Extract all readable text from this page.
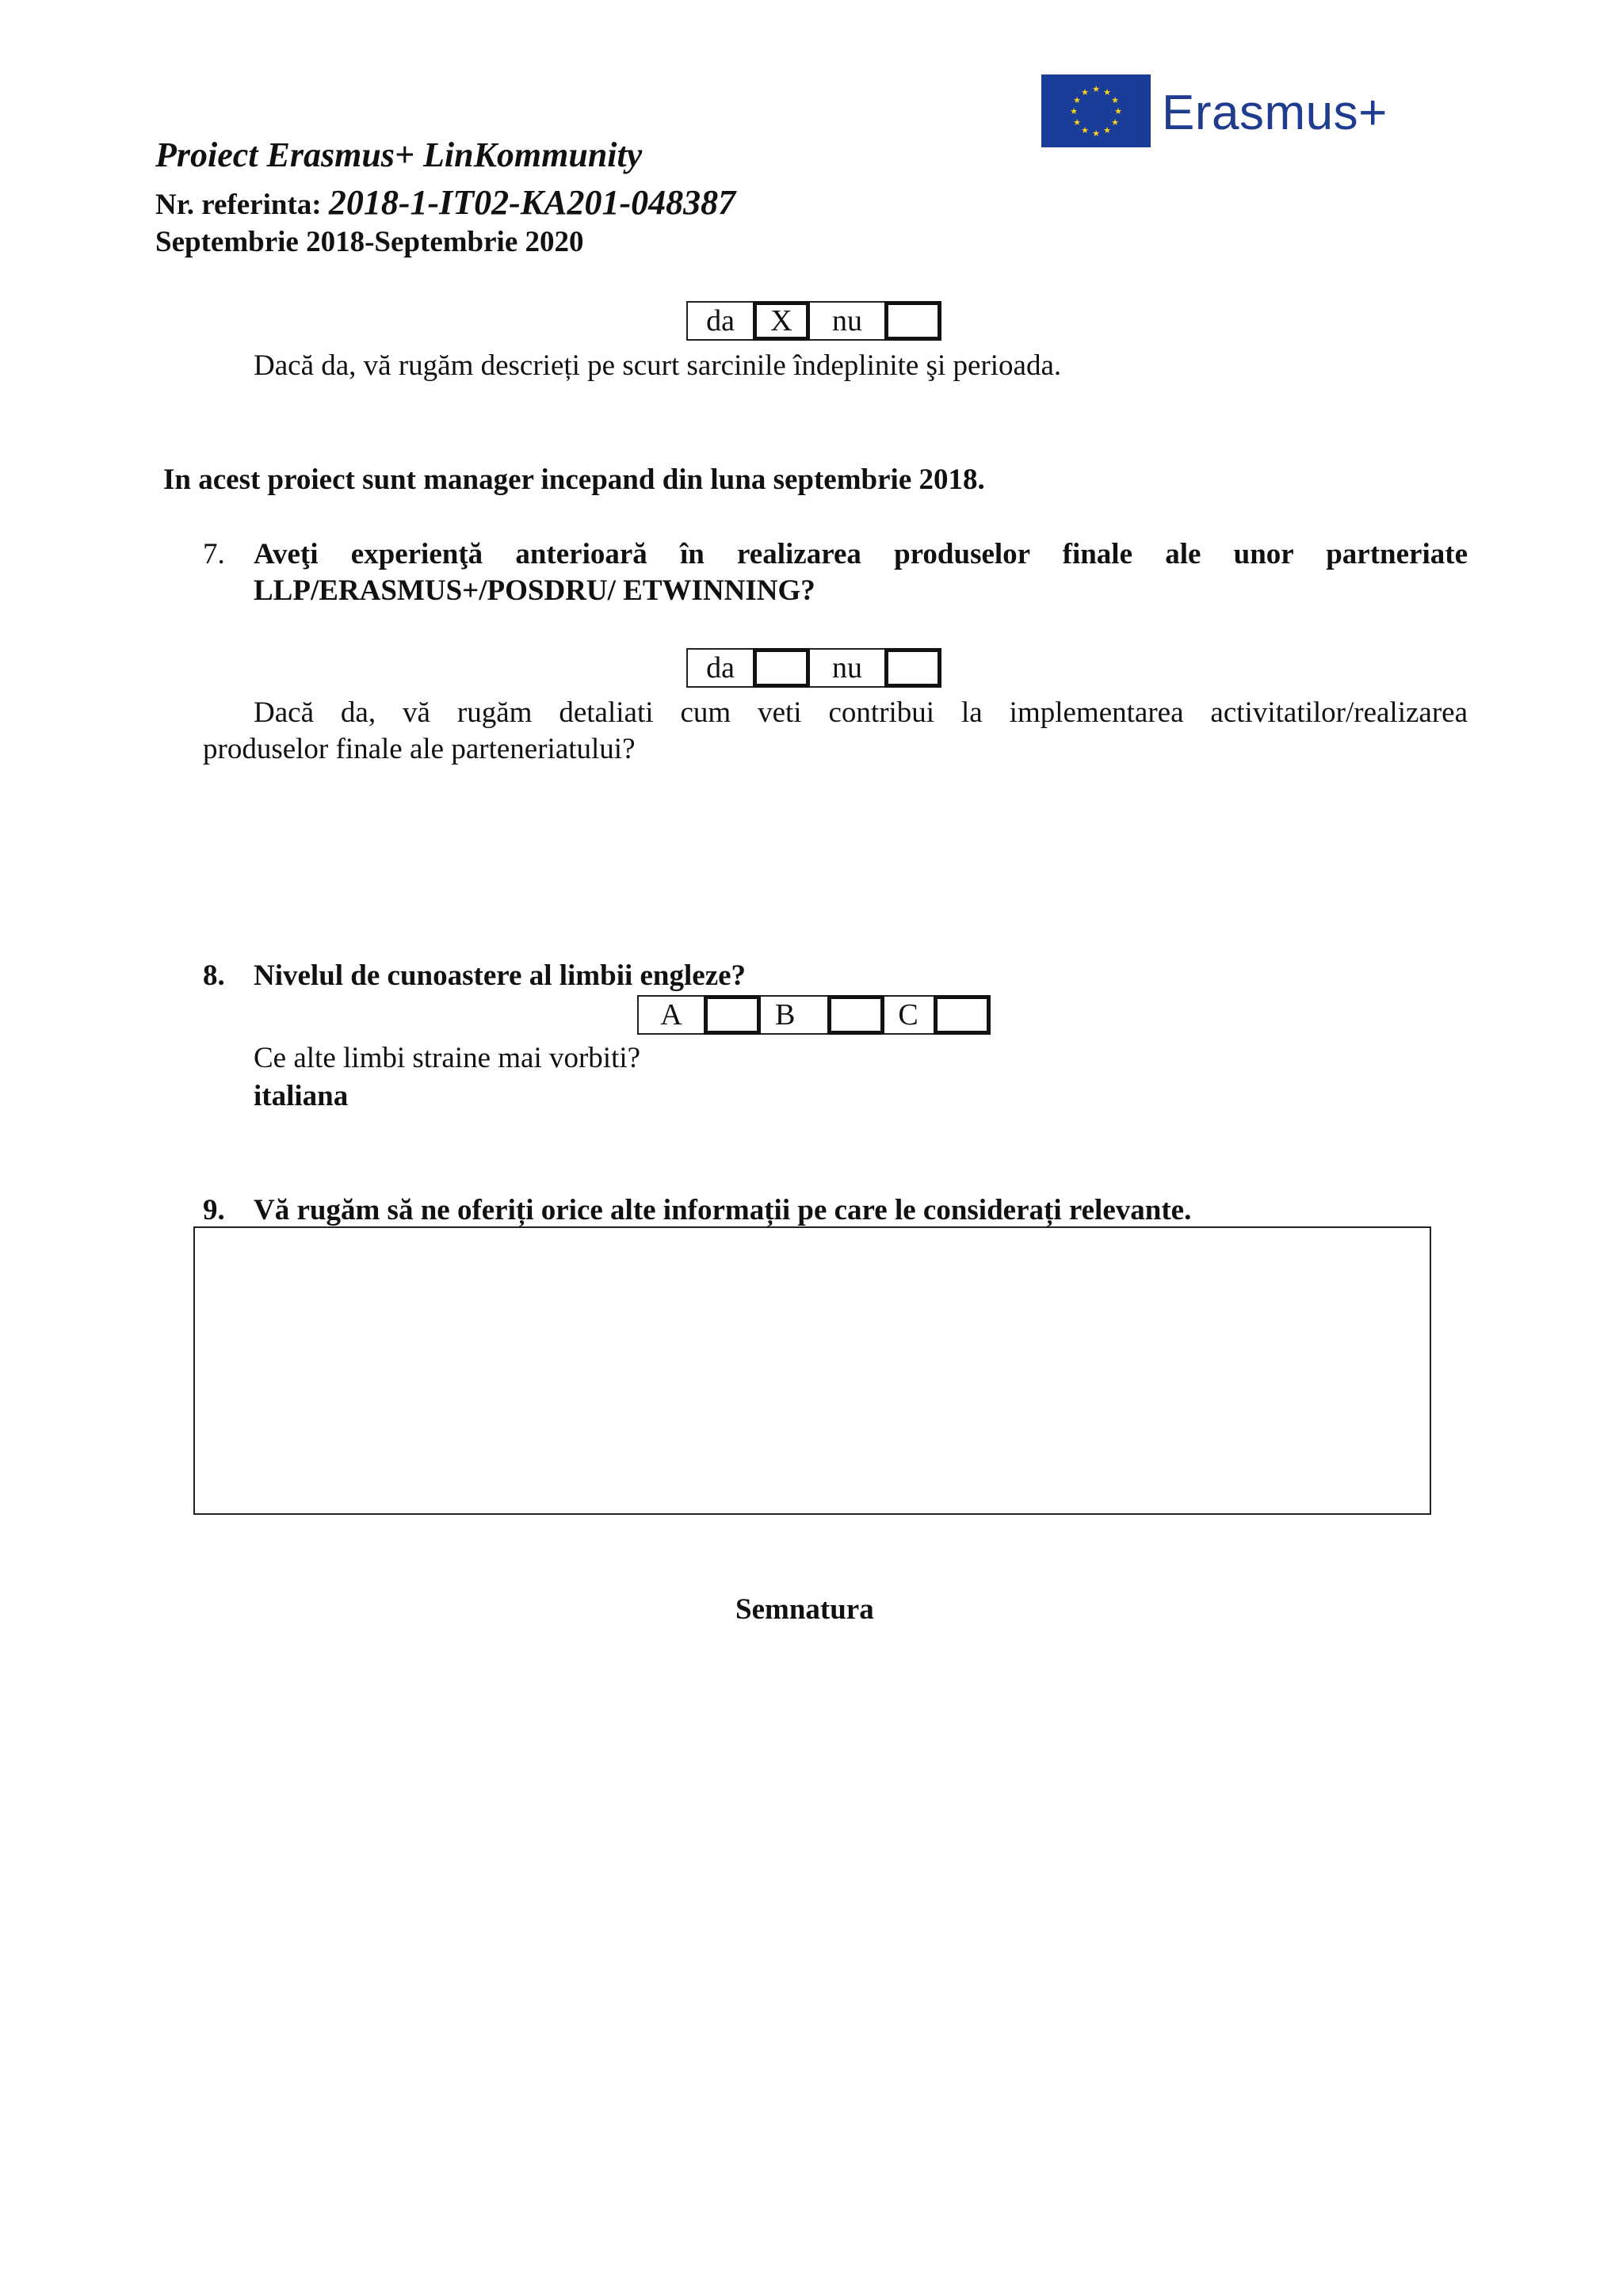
Proiect Erasmus+ LinKommunity
Nr. referinta: 2018-1-IT02-KA201-048387
Septembrie 2018-Septembrie 2020
★ ★
★
★
★
★
★
★
★
★
★
★ Erasmus+
da	X	nu
Dacă da, vă rugăm descrieți pe scurt sarcinile îndeplinite şi perioada.
In acest proiect sunt manager incepand din luna septembrie 2018.
7. Aveţi experienţă anterioară în realizarea produselor finale ale unor partneriate
LLP/ERASMUS+/POSDRU/ ETWINNING?
da	nu
Dacă da, vă rugăm detaliati cum veti contribui la implementarea activitatilor/realizarea
produselor finale ale parteneriatului?
8. Nivelul de cunoastere al limbii engleze?
A	B	C
Ce alte limbi straine mai vorbiti?
italiana
9. Vă rugăm să ne oferiți orice alte informații pe care le considerați relevante.
Semnatura
